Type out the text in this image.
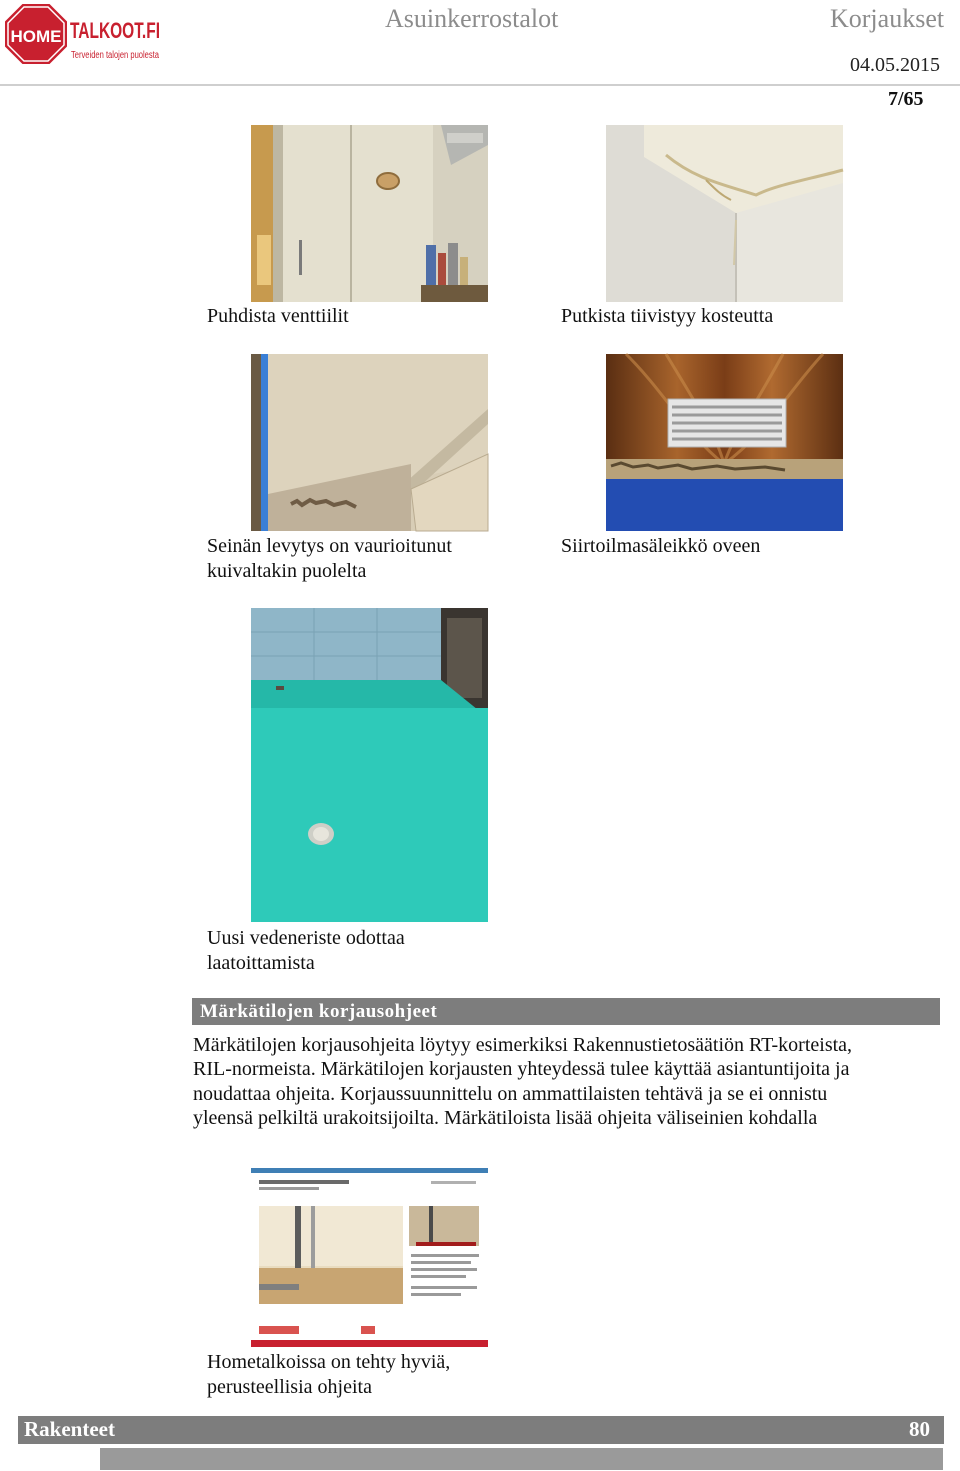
HOME TALKOOT.FI
Terveiden talojen puolesta
Asuinkerrostalot	Korjaukset
04.05.2015
7/65
Puhdista venttiilit	Putkista tiivistyy kosteutta
Seinän levytys on vaurioitunut
kuivaltakin puolelta
Siirtoilmasäleikkö oveen
Uusi vedeneriste odottaa
laatoittamista
Märkätilojen korjausohjeet
Märkätilojen korjausohjeita löytyy esimerkiksi Rakennustietosäätiön RT-korteista,
RIL-normeista. Märkätilojen korjausten yhteydessä tulee käyttää asiantuntijoita ja
noudattaa ohjeita. Korjaussuunnittelu on ammattilaisten tehtävä ja se ei onnistu
yleensä pelkiltä urakoitsijoilta. Märkätiloista lisää ohjeita väliseinien kohdalla
Hometalkoissa on tehty hyviä,
perusteellisia ohjeita
Rakenteet	80
